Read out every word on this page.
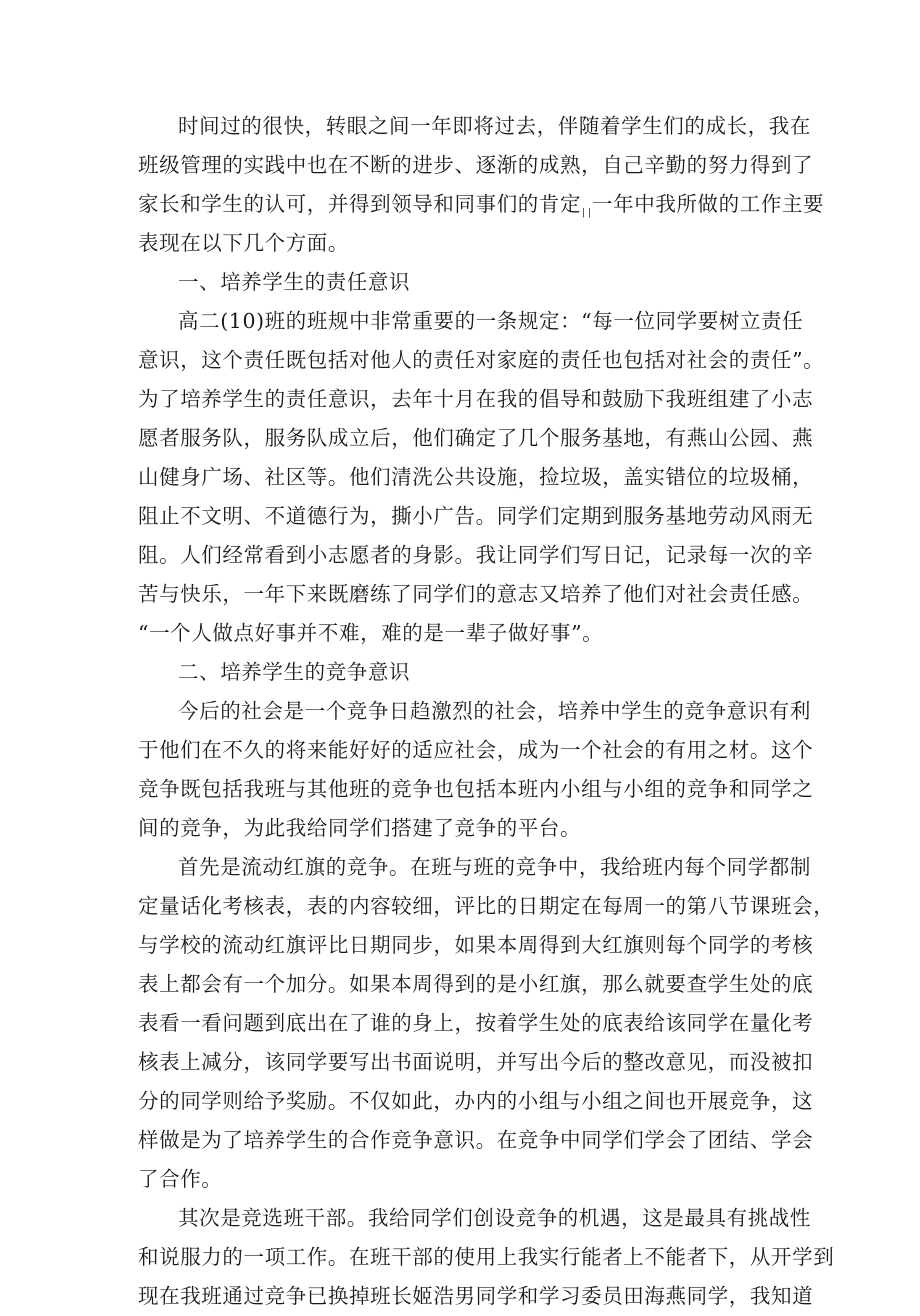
时间过的很快，转眼之间一年即将过去，伴随着学生们的成长，我在
班级管理的实践中也在不断的进步、逐渐的成熟，自己辛勤的努力得到了
家长和学生的认可，并得到领导和同事们的肯定| |一年中我所做的工作主要
表现在以下几个方面。
一、培养学生的责任意识
高二(10)班的班规中非常重要的一条规定：“每一位同学要树立责任
意识，这个责任既包括对他人的责任对家庭的责任也包括对社会的责任”。
为了培养学生的责任意识，去年十月在我的倡导和鼓励下我班组建了小志
愿者服务队，服务队成立后，他们确定了几个服务基地，有燕山公园、燕
山健身广场、社区等。他们清洗公共设施，捡垃圾，盖实错位的垃圾桶，
阻止不文明、不道德行为，撕小广告。同学们定期到服务基地劳动风雨无
阻。人们经常看到小志愿者的身影。我让同学们写日记，记录每一次的辛
苦与快乐，一年下来既磨练了同学们的意志又培养了他们对社会责任感。
“一个人做点好事并不难，难的是一辈子做好事”。
二、培养学生的竞争意识
今后的社会是一个竞争日趋激烈的社会，培养中学生的竞争意识有利
于他们在不久的将来能好好的适应社会，成为一个社会的有用之材。这个
竞争既包括我班与其他班的竞争也包括本班内小组与小组的竞争和同学之
间的竞争，为此我给同学们搭建了竞争的平台。
首先是流动红旗的竞争。在班与班的竞争中，我给班内每个同学都制
定量话化考核表，表的内容较细，评比的日期定在每周一的第八节课班会，
与学校的流动红旗评比日期同步，如果本周得到大红旗则每个同学的考核
表上都会有一个加分。如果本周得到的是小红旗，那么就要查学生处的底
表看一看问题到底出在了谁的身上，按着学生处的底表给该同学在量化考
核表上减分，该同学要写出书面说明，并写出今后的整改意见，而没被扣
分的同学则给予奖励。不仅如此，办内的小组与小组之间也开展竞争，这
样做是为了培养学生的合作竞争意识。在竞争中同学们学会了团结、学会
了合作。
其次是竞选班干部。我给同学们创设竞争的机遇，这是最具有挑战性
和说服力的一项工作。在班干部的使用上我实行能者上不能者下，从开学到
现在我班通过竞争已换掉班长姬浩男同学和学习委员田海燕同学，我知道
